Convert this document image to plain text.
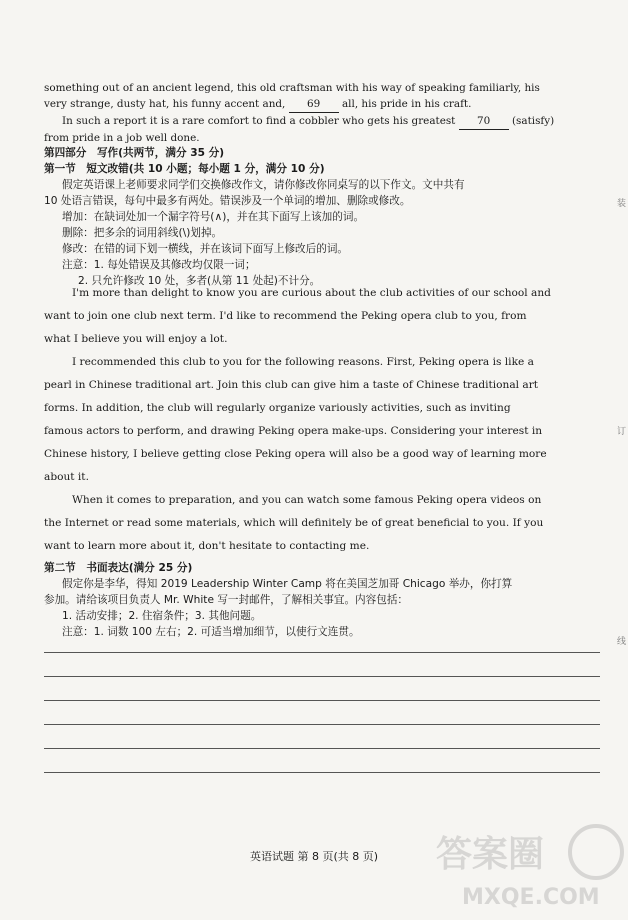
something out of an ancient legend, this old craftsman with his way of speaking familiarly, his
very strange, dusty hat, his funny accent and, 69 all, his pride in his craft.
In such a report it is a rare comfort to find a cobbler who gets his greatest 70 (satisfy)
from pride in a job well done.
第四部分　写作(共两节，满分 35 分)
第一节　短文改错(共 10 小题；每小题 1 分，满分 10 分)
假定英语课上老师要求同学们交换修改作文，请你修改你同桌写的以下作文。文中共有
10 处语言错误，每句中最多有两处。错误涉及一个单词的增加、删除或修改。
增加：在缺词处加一个漏字符号(∧)，并在其下面写上该加的词。
删除：把多余的词用斜线(\)划掉。
修改：在错的词下划一横线，并在该词下面写上修改后的词。
注意：1. 每处错误及其修改均仅限一词；
2. 只允许修改 10 处，多者(从第 11 处起)不计分。

I'm more than delight to know you are curious about the club activities of our school and

want to join one club next term. I'd like to recommend the Peking opera club to you, from

what I believe you will enjoy a lot.

I recommended this club to you for the following reasons. First, Peking opera is like a

pearl in Chinese traditional art. Join this club can give him a taste of Chinese traditional art

forms. In addition, the club will regularly organize variously activities, such as inviting

famous actors to perform, and drawing Peking opera make-ups. Considering your interest in

Chinese history, I believe getting close Peking opera will also be a good way of learning more

about it.

When it comes to preparation, and you can watch some famous Peking opera videos on

the Internet or read some materials, which will definitely be of great beneficial to you. If you

want to learn more about it, don't hesitate to contacting me.

第二节　书面表达(满分 25 分)
假定你是李华，得知 2019 Leadership Winter Camp 将在美国芝加哥 Chicago 举办，你打算
参加。请给该项目负责人 Mr. White 写一封邮件，了解相关事宜。内容包括：
1. 活动安排；2. 住宿条件；3. 其他问题。
注意：1. 词数 100 左右；2. 可适当增加细节，以使行文连贯。
英语试题 第 8 页(共 8 页)
装
订
线
答案圈
MXQE.COM
